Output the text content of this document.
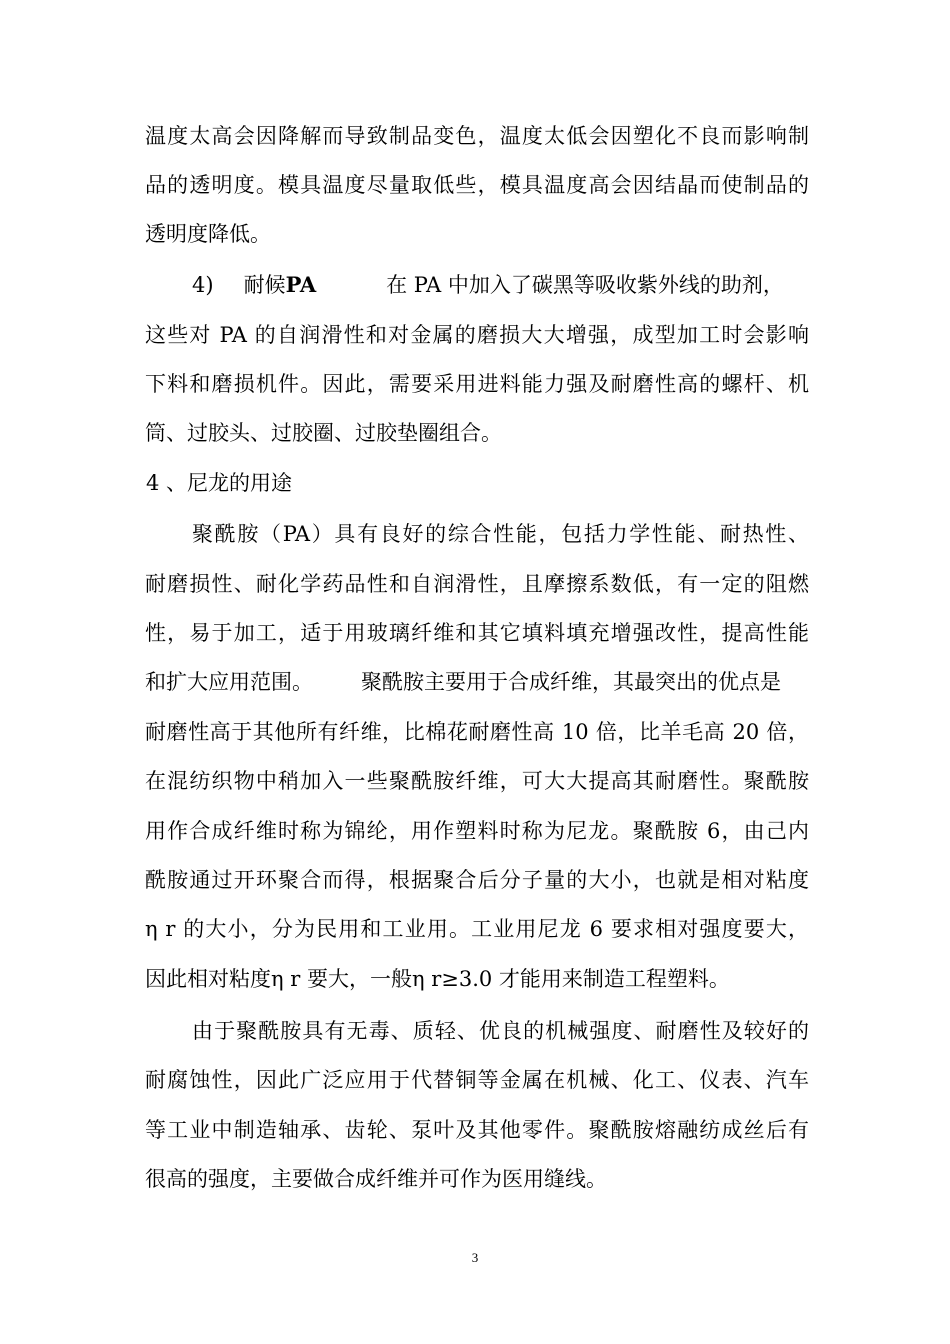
温度太高会因降解而导致制品变色，温度太低会因塑化不良而影响制
品的透明度。模具温度尽量取低些，模具温度高会因结晶而使制品的
透明度降低。
4) 耐候PA	在 PA 中加入了碳黑等吸收紫外线的助剂，
这些对 PA 的自润滑性和对金属的磨损大大增强，成型加工时会影响
下料和磨损机件。因此，需要采用进料能力强及耐磨性高的螺杆、机
筒、过胶头、过胶圈、过胶垫圈组合。
4 、尼龙的用途
聚酰胺（PA）具有良好的综合性能，包括力学性能、耐热性、
耐磨损性、耐化学药品性和自润滑性，且摩擦系数低，有一定的阻燃
性，易于加工，适于用玻璃纤维和其它填料填充增强改性，提高性能
和扩大应用范围。 聚酰胺主要用于合成纤维，其最突出的优点是
耐磨性高于其他所有纤维，比棉花耐磨性高 10 倍，比羊毛高 20 倍，
在混纺织物中稍加入一些聚酰胺纤维，可大大提高其耐磨性。聚酰胺
用作合成纤维时称为锦纶，用作塑料时称为尼龙。聚酰胺 6，由己内
酰胺通过开环聚合而得，根据聚合后分子量的大小，也就是相对粘度
η r 的大小，分为民用和工业用。工业用尼龙 6 要求相对强度要大，
因此相对粘度η r 要大，一般η r≥3.0 才能用来制造工程塑料。
由于聚酰胺具有无毒、质轻、优良的机械强度、耐磨性及较好的
耐腐蚀性，因此广泛应用于代替铜等金属在机械、化工、仪表、汽车
等工业中制造轴承、齿轮、泵叶及其他零件。聚酰胺熔融纺成丝后有
很高的强度，主要做合成纤维并可作为医用缝线。
3
